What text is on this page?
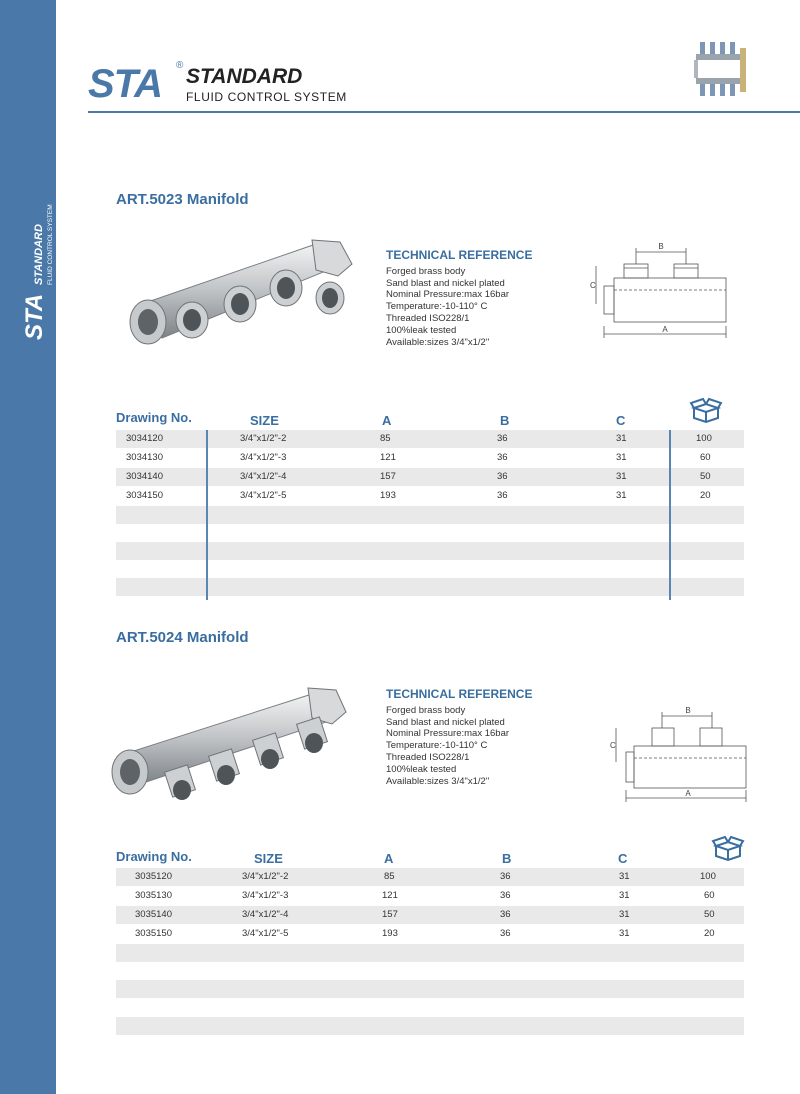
STA
STANDARD FLUID CONTROL SYSTEM
STA ® STANDARD
FLUID CONTROL SYSTEM
ART.5023 Manifold
TECHNICAL REFERENCE
Forged brass body
Sand blast and nickel plated
Nominal Pressure:max 16bar
Temperature:-10-110° C
Threaded ISO228/1
100%leak tested
Available:sizes 3/4"x1/2"
B
C
A
Drawing No.	SIZE	A	B	C
3034120	3/4"x1/2"-2	85	36	31	100
3034130	3/4"x1/2"-3	121	36	31	60
3034140	3/4"x1/2"-4	157	36	31	50
3034150	3/4"x1/2"-5	193	36	31	20
ART.5024 Manifold
TECHNICAL REFERENCE
Forged brass body
Sand blast and nickel plated
Nominal Pressure:max 16bar
Temperature:-10-110° C
Threaded ISO228/1
100%leak tested
Available:sizes 3/4"x1/2"
B
C
A
Drawing No.	SIZE	A	B	C
3035120	3/4"x1/2"-2	85	36	31	100
3035130	3/4"x1/2"-3	121	36	31	60
3035140	3/4"x1/2"-4	157	36	31	50
3035150	3/4"x1/2"-5	193	36	31	20
